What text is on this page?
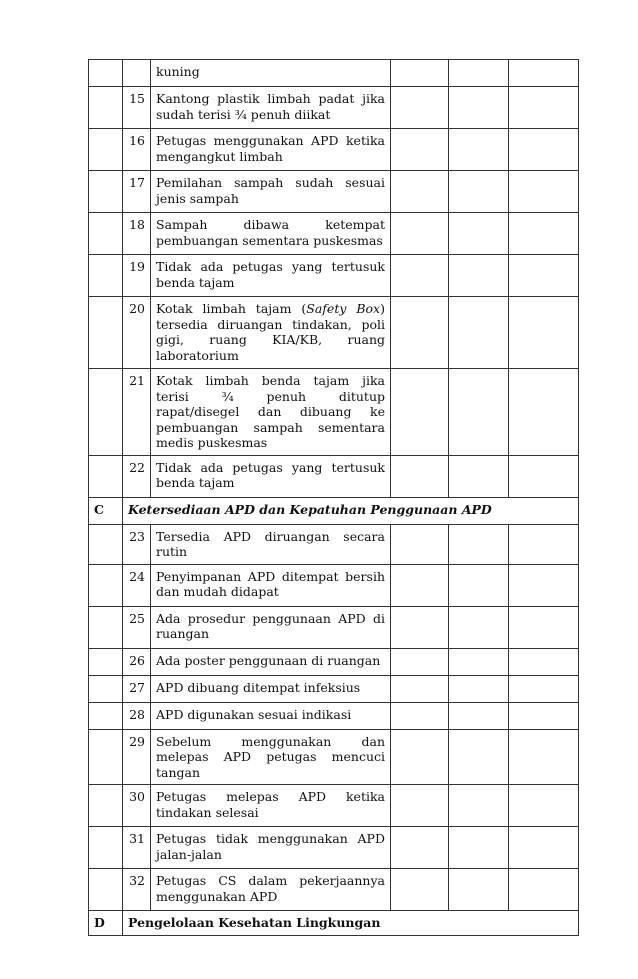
		kuning			
	15	Kantong plastik limbah padat jika sudah terisi ¾ penuh diikat			
	16	Petugas menggunakan APD ketika mengangkut limbah			
	17	Pemilahan sampah sudah sesuai jenis sampah			
	18	Sampah dibawa ketempat pembuangan sementara puskesmas			
	19	Tidak ada petugas yang tertusuk benda tajam			
	20	Kotak limbah tajam (Safety Box) tersedia diruangan tindakan, poli gigi, ruang KIA/KB, ruang laboratorium			
	21	Kotak limbah benda tajam jika terisi ¾ penuh ditutup rapat/disegel dan dibuang ke pembuangan sampah sementara medis puskesmas			
	22	Tidak ada petugas yang tertusuk benda tajam			
C	Ketersediaan APD dan Kepatuhan Penggunaan APD				
	23	Tersedia APD diruangan secara rutin			
	24	Penyimpanan APD ditempat bersih dan mudah didapat			
	25	Ada prosedur penggunaan APD di ruangan			
	26	Ada poster penggunaan di ruangan			
	27	APD dibuang ditempat infeksius			
	28	APD digunakan sesuai indikasi			
	29	Sebelum menggunakan dan melepas APD petugas mencuci tangan			
	30	Petugas melepas APD ketika tindakan selesai			
	31	Petugas tidak menggunakan APD jalan-jalan			
	32	Petugas CS dalam pekerjaannya menggunakan APD			
D	Pengelolaan Kesehatan Lingkungan				
